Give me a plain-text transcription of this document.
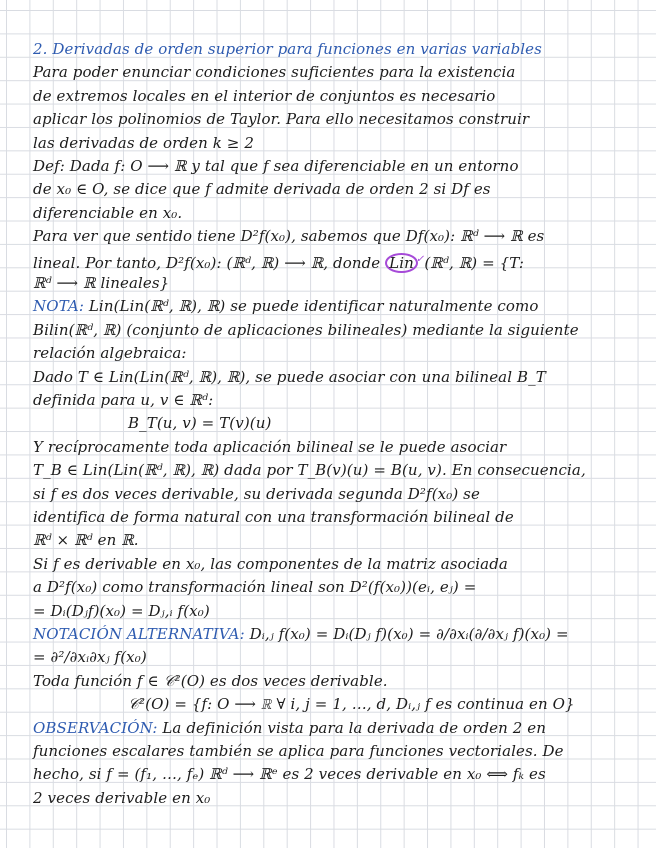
2. Derivadas de orden superior para funciones en varias variables
Para poder enunciar condiciones suficientes para la existencia
de extremos locales en el interior de conjuntos es necesario
aplicar los polinomios de Taylor. Para ello necesitamos construir
las derivadas de orden k ≥ 2
Def: Dada f: O ⟶ ℝ y tal que f sea diferenciable en un entorno
de x₀ ∈ O, se dice que f admite derivada de orden 2 si Df es
diferenciable en x₀.
Para ver que sentido tiene D²f(x₀), sabemos que Df(x₀): ℝᵈ ⟶ ℝ es
lineal. Por tanto, D²f(x₀): (ℝᵈ, ℝ) ⟶ ℝ, donde Lin ✓(ℝᵈ, ℝ) = {T:
ℝᵈ ⟶ ℝ lineales}
NOTA: Lin(Lin(ℝᵈ, ℝ), ℝ) se puede identificar naturalmente como
Bilin(ℝᵈ, ℝ) (conjunto de aplicaciones bilineales) mediante la siguiente
relación algebraica:
Dado T ∈ Lin(Lin(ℝᵈ, ℝ), ℝ), se puede asociar con una bilineal B_T
definida para u, v ∈ ℝᵈ:
B_T(u, v) = T(v)(u)
Y recíprocamente toda aplicación bilineal se le puede asociar
T_B ∈ Lin(Lin(ℝᵈ, ℝ), ℝ) dada por T_B(v)(u) = B(u, v). En consecuencia,
si f es dos veces derivable, su derivada segunda D²f(x₀) se
identifica de forma natural con una transformación bilineal de
ℝᵈ × ℝᵈ en ℝ.
Si f es derivable en x₀, las componentes de la matriz asociada
a D²f(x₀) como transformación lineal son D²(f(x₀))(eᵢ, eⱼ) =
= Dᵢ(Dⱼf)(x₀) = Dⱼ,ᵢ f(x₀)
NOTACIÓN ALTERNATIVA: Dᵢ,ⱼ f(x₀) = Dᵢ(Dⱼ f)(x₀) = ∂/∂xᵢ(∂/∂xⱼ f)(x₀) =
= ∂²/∂xᵢ∂xⱼ f(x₀)
Toda función f ∈ 𝒞²(O) es dos veces derivable.
𝒞²(O) = {f: O ⟶ ℝ ∀ i, j = 1, …, d, Dᵢ,ⱼ f es continua en O}
OBSERVACIÓN: La definición vista para la derivada de orden 2 en
funciones escalares también se aplica para funciones vectoriales. De
hecho, si f = (f₁, …, fₑ) ℝᵈ ⟶ ℝᵉ es 2 veces derivable en x₀ ⟺ fₖ es
2 veces derivable en x₀
